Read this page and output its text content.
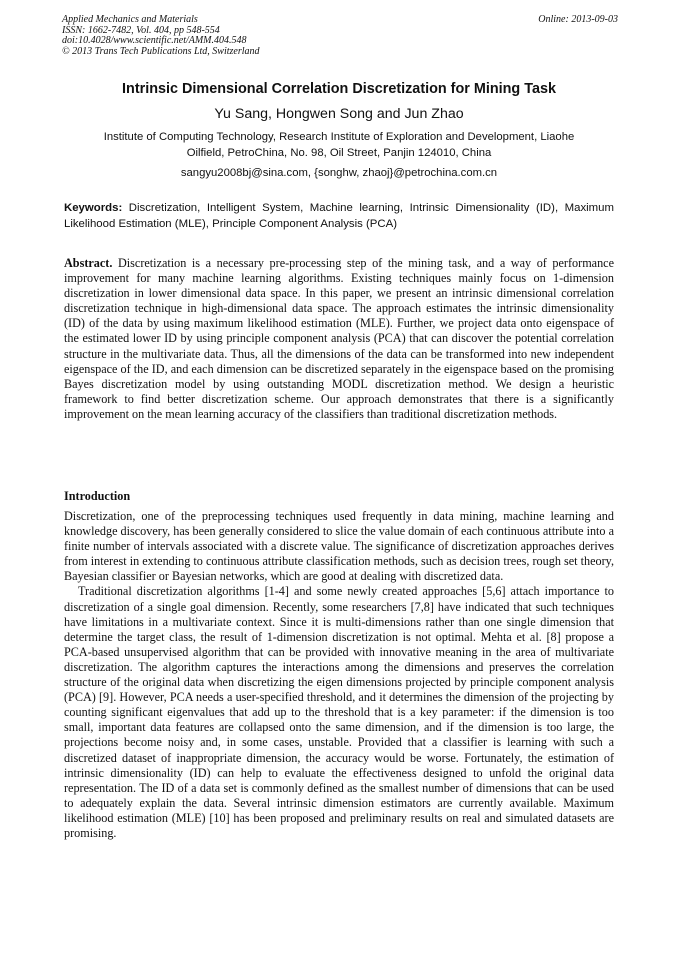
Applied Mechanics and Materials
ISSN: 1662-7482, Vol. 404, pp 548-554
doi:10.4028/www.scientific.net/AMM.404.548
© 2013 Trans Tech Publications Ltd, Switzerland
Online: 2013-09-03
Intrinsic Dimensional Correlation Discretization for Mining Task
Yu Sang, Hongwen Song and Jun Zhao
Institute of Computing Technology, Research Institute of Exploration and Development, Liaohe
Oilfield, PetroChina, No. 98, Oil Street, Panjin 124010, China
sangyu2008bj@sina.com, {songhw, zhaoj}@petrochina.com.cn
Keywords: Discretization, Intelligent System, Machine learning, Intrinsic Dimensionality (ID), Maximum Likelihood Estimation (MLE), Principle Component Analysis (PCA)
Abstract. Discretization is a necessary pre-processing step of the mining task, and a way of performance improvement for many machine learning algorithms. Existing techniques mainly focus on 1-dimension discretization in lower dimensional data space. In this paper, we present an intrinsic dimensional correlation discretization technique in high-dimensional data space. The approach estimates the intrinsic dimensionality (ID) of the data by using maximum likelihood estimation (MLE). Further, we project data onto eigenspace of the estimated lower ID by using principle component analysis (PCA) that can discover the potential correlation structure in the multivariate data. Thus, all the dimensions of the data can be transformed into new independent eigenspace of the ID, and each dimension can be discretized separately in the eigenspace based on the promising Bayes discretization model by using outstanding MODL discretization method. We design a heuristic framework to find better discretization scheme. Our approach demonstrates that there is a significantly improvement on the mean learning accuracy of the classifiers than traditional discretization methods.
Introduction

Discretization, one of the preprocessing techniques used frequently in data mining, machine learning and knowledge discovery, has been generally considered to slice the value domain of each continuous attribute into a finite number of intervals associated with a discrete value. The significance of discretization approaches derives from interest in extending to continuous attribute classification methods, such as decision trees, rough set theory, Bayesian classifier or Bayesian networks, which are good at dealing with discretized data.

Traditional discretization algorithms [1-4] and some newly created approaches [5,6] attach importance to discretization of a single goal dimension. Recently, some researchers [7,8] have indicated that such techniques have limitations in a multivariate context. Since it is multi-dimensions rather than one single dimension that determine the target class, the result of 1-dimension discretization is not optimal. Mehta et al. [8] propose a PCA-based unsupervised algorithm that can be provided with innovative meaning in the area of multivariate discretization. The algorithm captures the interactions among the dimensions and preserves the correlation structure of the original data when discretizing the eigen dimensions projected by principle component analysis (PCA) [9]. However, PCA needs a user-specified threshold, and it determines the dimension of the projecting by counting significant eigenvalues that add up to the threshold that is a key parameter: if the dimension is too small, important data features are collapsed onto the same dimension, and if the dimension is too large, the projections become noisy and, in some cases, unstable. Provided that a classifier is learning with such a discretized dataset of inappropriate dimension, the accuracy would be worse. Fortunately, the estimation of intrinsic dimensionality (ID) can help to evaluate the effectiveness designed to unfold the original data representation. The ID of a data set is commonly defined as the smallest number of dimensions that can be used to adequately explain the data. Several intrinsic dimension estimators are currently available. Maximum likelihood estimation (MLE) [10] has been proposed and preliminary results on real and simulated datasets are promising.
